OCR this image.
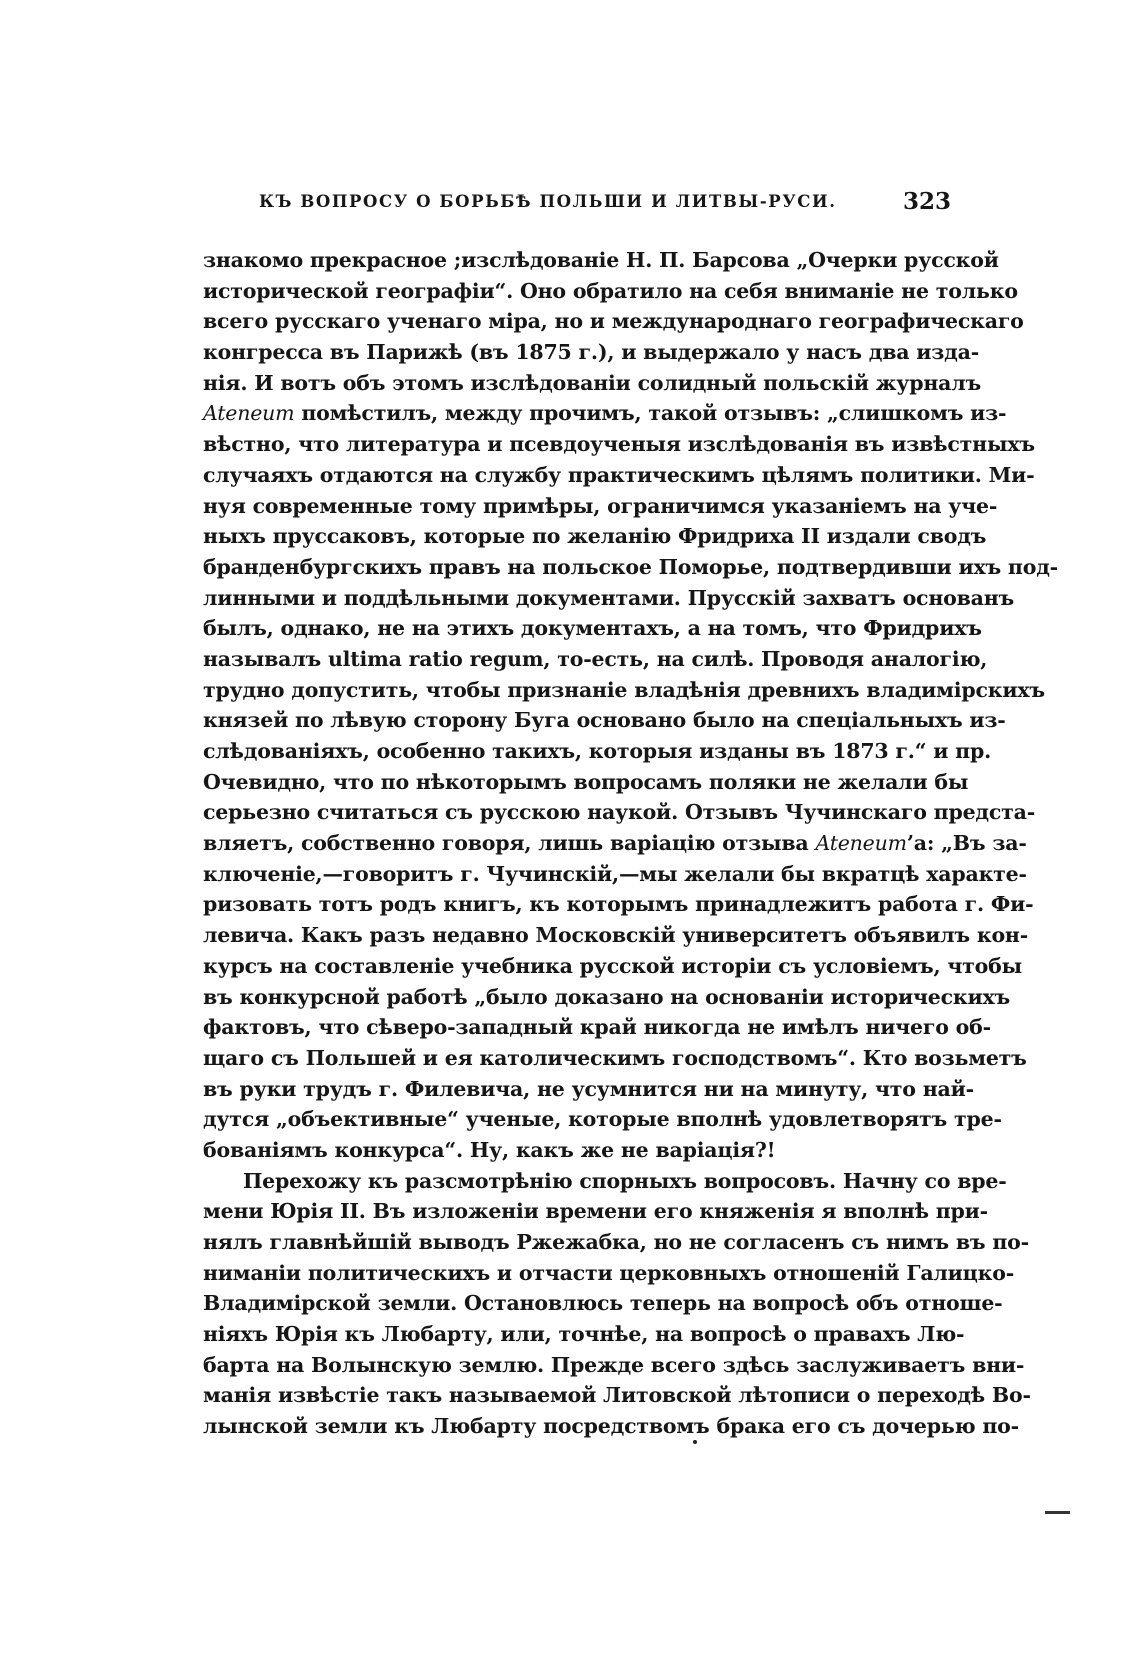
КЪ ВОПРОСУ О БОРЬБѢ ПОЛЬШИ И ЛИТВЫ-РУСИ.	323
знакомо прекрасное ;изслѣдованіе Н. П. Барсова „Очерки русской
исторической географіи“. Оно обратило на себя вниманіе не только
всего русскаго ученаго міра, но и международнаго географическаго
конгресса въ Парижѣ (въ 1875 г.), и выдержало у насъ два изда-
нія. И вотъ объ этомъ изслѣдованіи солидный польскій журналъ
Ateneum помѣстилъ, между прочимъ, такой отзывъ: „слишкомъ из-
вѣстно, что литература и псевдоученыя изслѣдованія въ извѣстныхъ
случаяхъ отдаются на службу практическимъ цѣлямъ политики. Ми-
нуя современные тому примѣры, ограничимся указаніемъ на уче-
ныхъ пруссаковъ, которые по желанію Фридриха II издали сводъ
бранденбургскихъ правъ на польское Поморье, подтвердивши ихъ под-
линными и поддѣльными документами. Прусскій захватъ основанъ
былъ, однако, не на этихъ документахъ, а на томъ, что Фридрихъ
называлъ ultima ratio regum, то-есть, на силѣ. Проводя аналогію,
трудно допустить, чтобы признаніе владѣнія древнихъ владимірскихъ
князей по лѣвую сторону Буга основано было на спеціальныхъ из-
слѣдованіяхъ, особенно такихъ, которыя изданы въ 1873 г.“ и пр.
Очевидно, что по нѣкоторымъ вопросамъ поляки не желали бы
серьезно считаться съ русскою наукой. Отзывъ Чучинскаго предста-
вляетъ, собственно говоря, лишь варіацію отзыва Ateneum’а: „Въ за-
ключеніе,—говоритъ г. Чучинскій,—мы желали бы вкратцѣ характе-
ризовать тотъ родъ книгъ, къ которымъ принадлежитъ работа г. Фи-
левича. Какъ разъ недавно Московскій университетъ объявилъ кон-
курсъ на составленіе учебника русской исторіи съ условіемъ, чтобы
въ конкурсной работѣ „было доказано на основаніи историческихъ
фактовъ, что сѣверо-западный край никогда не имѣлъ ничего об-
щаго съ Польшей и ея католическимъ господствомъ“. Кто возьметъ
въ руки трудъ г. Филевича, не усумнится ни на минуту, что най-
дутся „объективные“ ученые, которые вполнѣ удовлетворятъ тре-
бованіямъ конкурса“. Ну, какъ же не варіація?!
Перехожу къ разсмотрѣнію спорныхъ вопросовъ. Начну со вре-
мени Юрія II. Въ изложеніи времени его княженія я вполнѣ при-
нялъ главнѣйшій выводъ Ржежабка, но не согласенъ съ нимъ въ по-
ниманіи политическихъ и отчасти церковныхъ отношеній Галицко-
Владимірской земли. Остановлюсь теперь на вопросѣ объ отноше-
ніяхъ Юрія къ Любарту, или, точнѣе, на вопросѣ о правахъ Лю-
барта на Волынскую землю. Прежде всего здѣсь заслуживаетъ вни-
манія извѣстіе такъ называемой Литовской лѣтописи о переходѣ Во-
лынской земли къ Любарту посредствомъ брака его съ дочерью по-
